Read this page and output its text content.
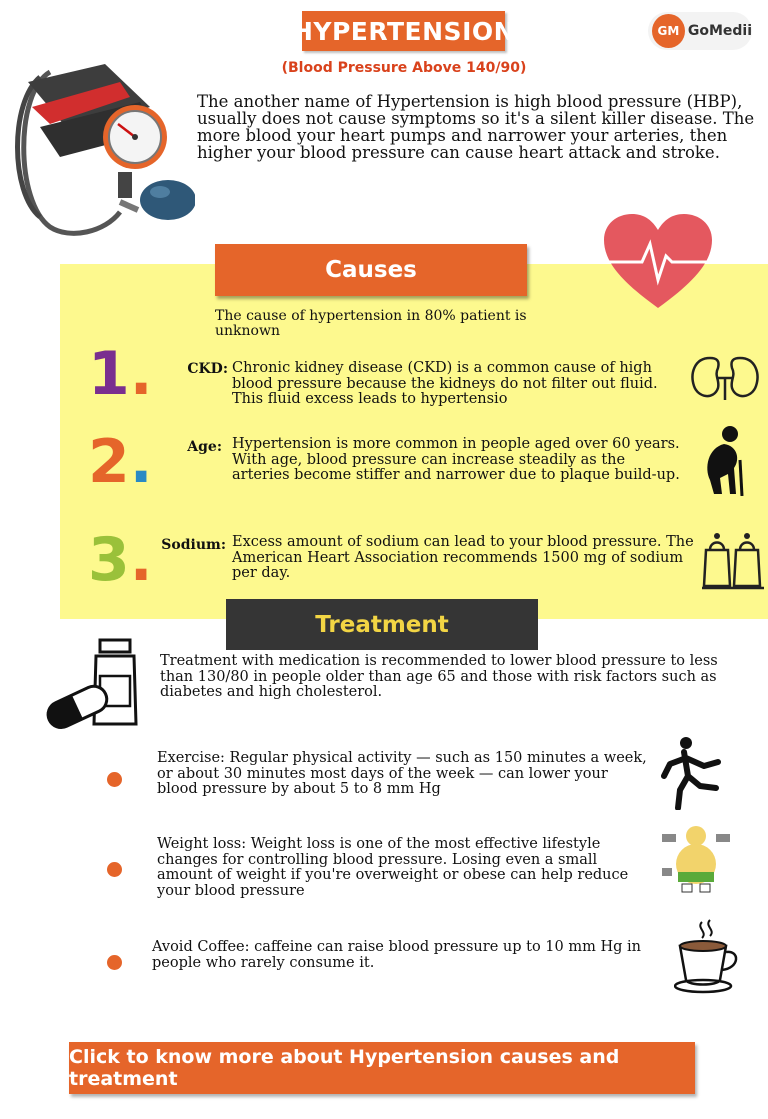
HYPERTENSION
(Blood Pressure Above 140/90)
GM GoMedii
The another name of Hypertension is high blood pressure (HBP), usually does not cause symptoms so it's a silent killer disease. The more blood your heart pumps and narrower your arteries, then higher your blood pressure can cause heart attack and stroke.
Causes
The cause of hypertension in 80% patient is unknown
1.	CKD: Chronic kidney disease (CKD) is a common cause of high blood pressure because the kidneys do not filter out fluid. This fluid excess leads to hypertensio
2.	Age: Hypertension is more common in people aged over 60 years. With age, blood pressure can increase steadily as the arteries become stiffer and narrower due to plaque build-up.
3. Sodium: Excess amount of sodium can lead to your blood pressure. The American Heart Association recommends 1500 mg of sodium per day.
Treatment
Treatment with medication is recommended to lower blood pressure to less than 130/80 in people older than age 65 and those with risk factors such as diabetes and high cholesterol.
Exercise: Regular physical activity — such as 150 minutes a week, or about 30 minutes most days of the week — can lower your blood pressure by about 5 to 8 mm Hg
Weight loss: Weight loss is one of the most effective lifestyle changes for controlling blood pressure. Losing even a small amount of weight if you're overweight or obese can help reduce your blood pressure
Avoid Coffee: caffeine can raise blood pressure up to 10 mm Hg in people who rarely consume it.
Click to know more about Hypertension causes and treatment
